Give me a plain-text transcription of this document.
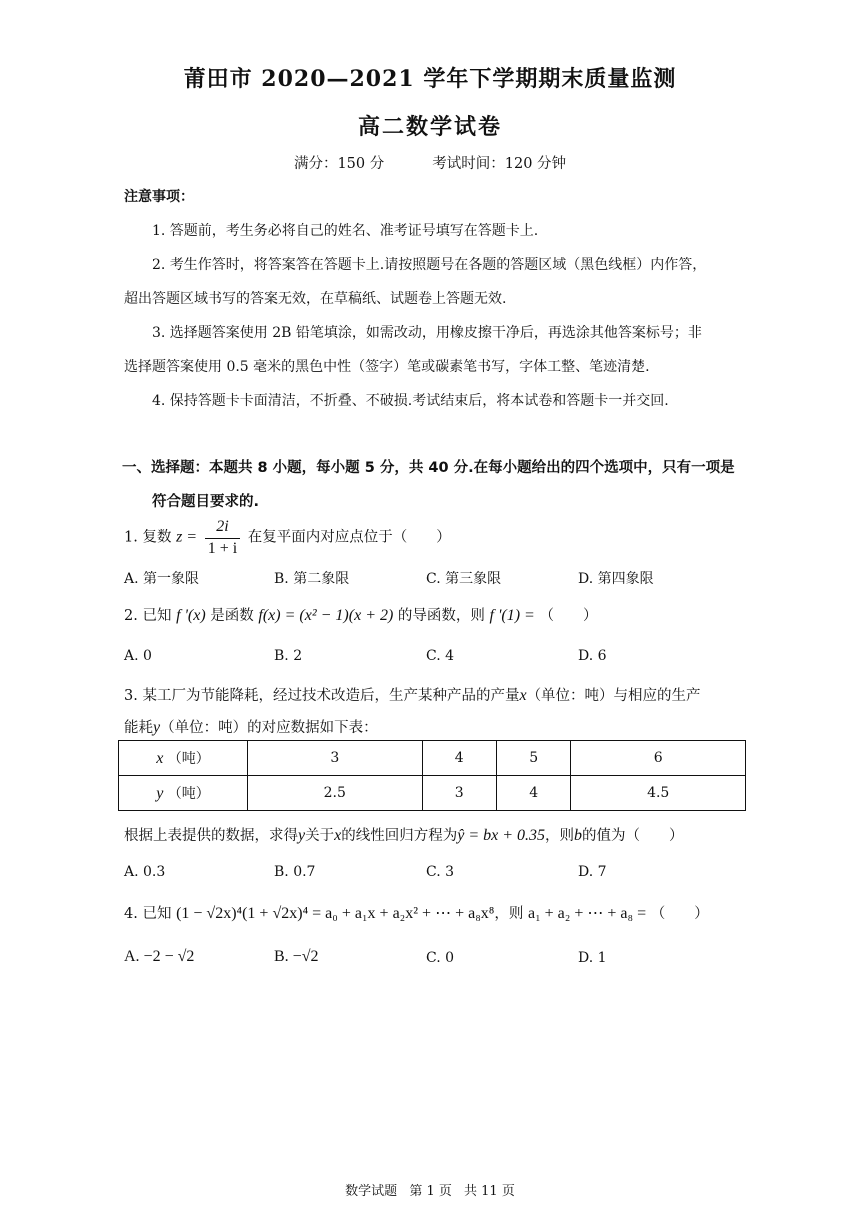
莆田市 2020—2021 学年下学期期末质量监测
高二数学试卷
满分：150 分	考试时间：120 分钟
注意事项：
1. 答题前，考生务必将自己的姓名、准考证号填写在答题卡上.
2. 考生作答时，将答案答在答题卡上.请按照题号在各题的答题区域（黑色线框）内作答，
超出答题区域书写的答案无效，在草稿纸、试题卷上答题无效.
3. 选择题答案使用 2B 铅笔填涂，如需改动，用橡皮擦干净后，再选涂其他答案标号；非
选择题答案使用 0.5 毫米的黑色中性（签字）笔或碳素笔书写，字体工整、笔迹清楚.
4. 保持答题卡卡面清洁，不折叠、不破损.考试结束后，将本试卷和答题卡一并交回.
一、选择题：本题共 8 小题，每小题 5 分，共 40 分.在每小题给出的四个选项中，只有一项是
符合题目要求的.
1. 复数 $z = \frac{2i}{1 + i}$ 在复平面内对应点位于（　　）
A. 第一象限	B. 第二象限	C. 第三象限	D. 第四象限
2. 已知 f '(x) 是函数 f(x) = (x² − 1)(x + 2) 的导函数，则 f '(1) = （　　）
A. 0	B. 2	C. 4	D. 6
3. 某工厂为节能降耗，经过技术改造后，生产某种产品的产量x（单位：吨）与相应的生产
能耗y（单位：吨）的对应数据如下表：
x （吨）	3	4	5	6
y （吨）	2.5	3	4	4.5
根据上表提供的数据，求得y关于x的线性回归方程为ŷ = bx + 0.35，则b的值为（　　）
A. 0.3	B. 0.7	C. 3	D. 7
4. 已知 (1 − √2x)⁴(1 + √2x)⁴ = a₀ + a₁x + a₂x² + ⋯ + a₈x⁸，则 a₁ + a₂ + ⋯ + a₈ = （　　）
A. −2 − √2	B. −√2	C. 0	D. 1
数学试题 第 1 页 共 11 页
